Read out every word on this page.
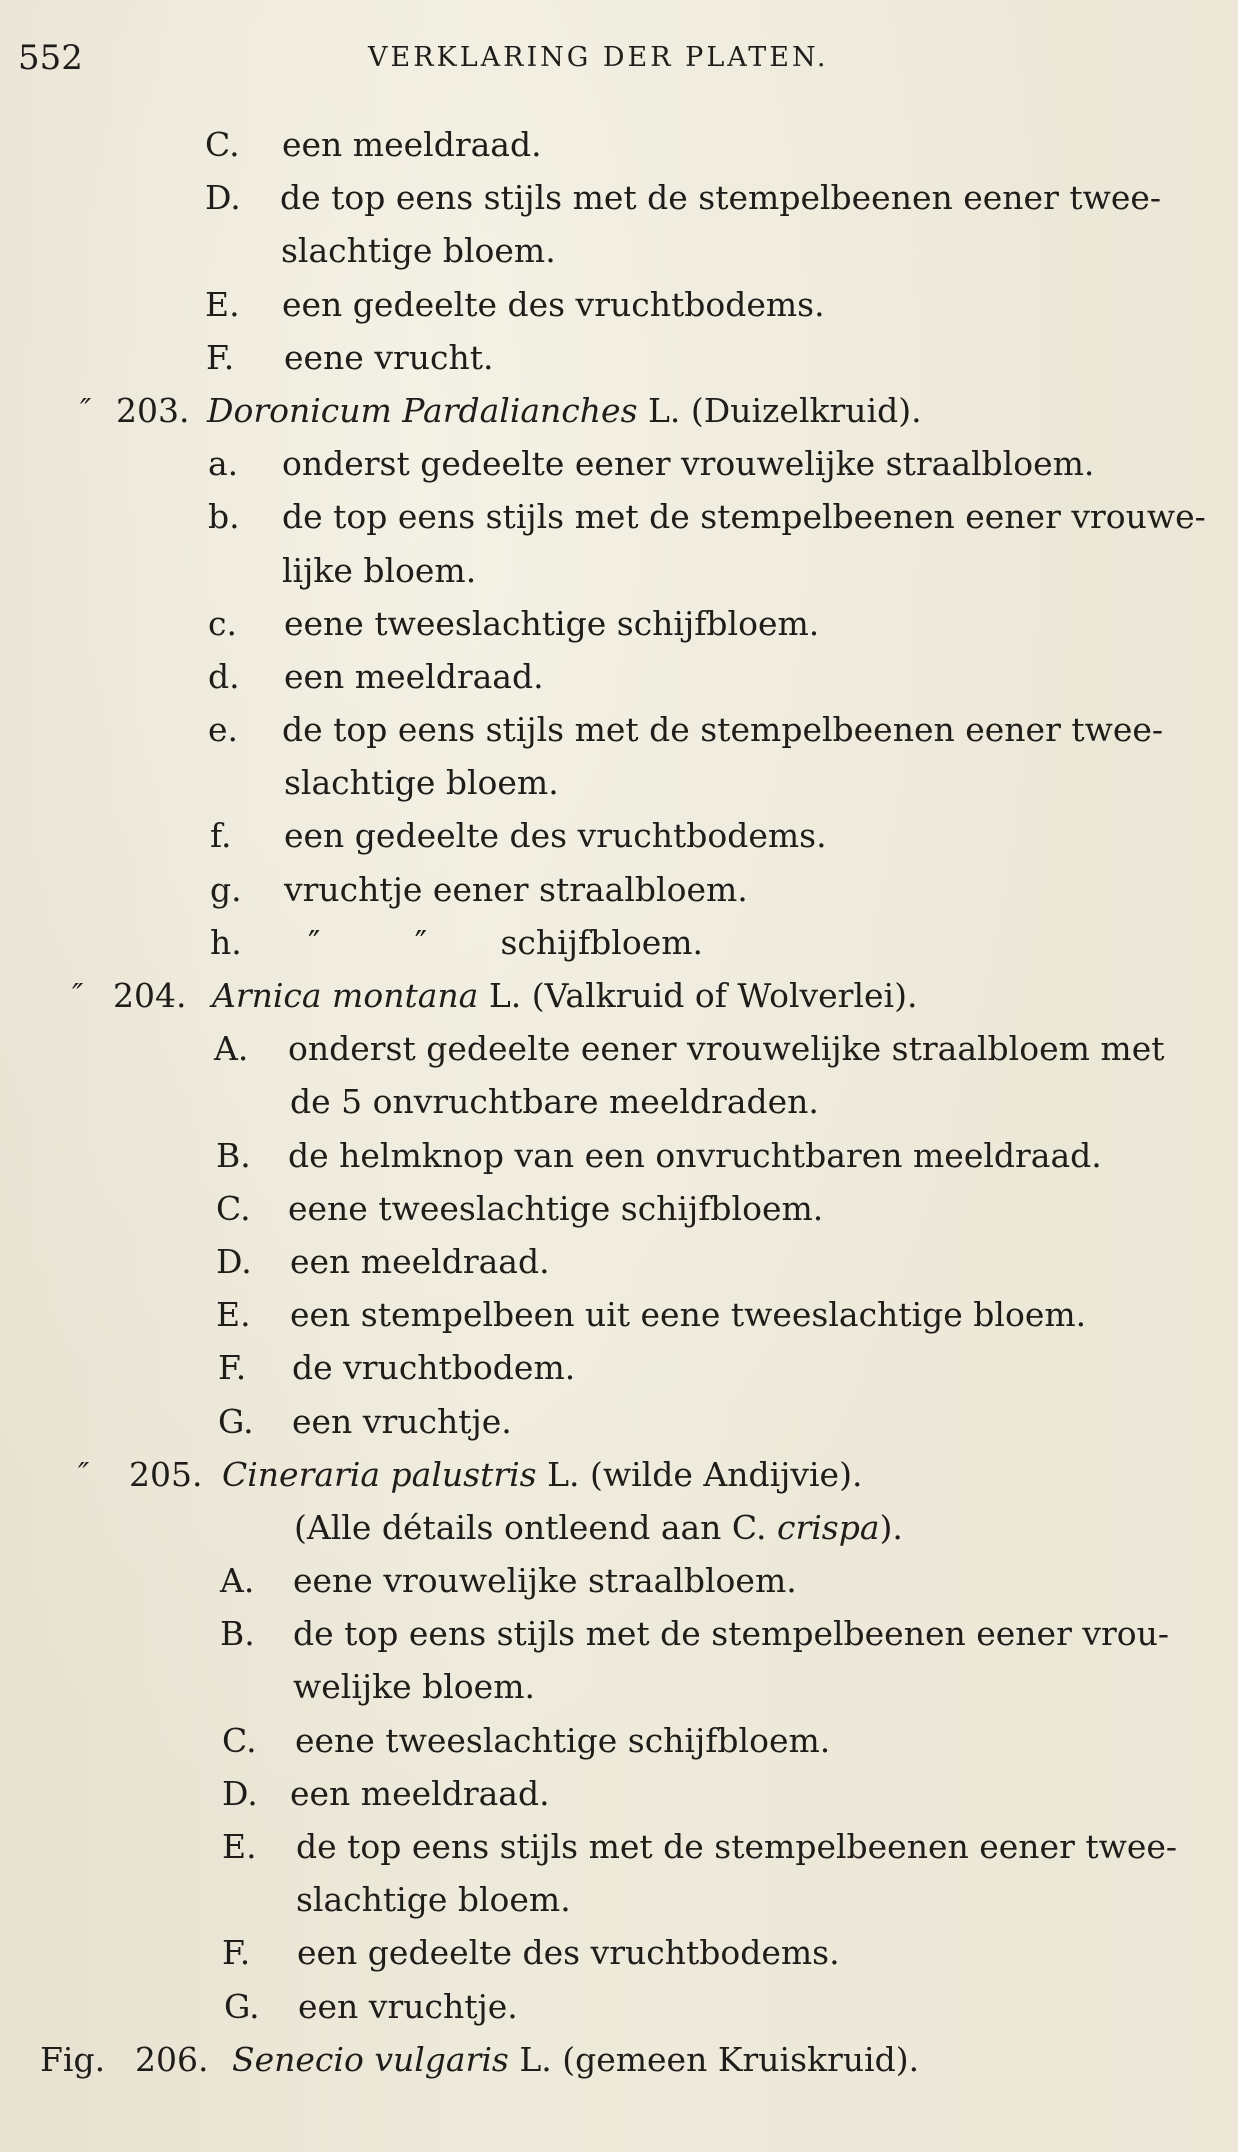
552	VERKLARING DER PLATEN.
C. een meeldraad.
D. de top eens stijls met de stempelbeenen eener twee-
slachtige bloem.
E. een gedeelte des vruchtbodems.
F. eene vrucht.
″ 203. Doronicum Pardalianches L. (Duizelkruid).
a. onderst gedeelte eener vrouwelijke straalbloem.
b. de top eens stijls met de stempelbeenen eener vrouwe-
lijke bloem.
c. eene tweeslachtige schijfbloem.
d. een meeldraad.
e. de top eens stijls met de stempelbeenen eener twee-
slachtige bloem.
f. een gedeelte des vruchtbodems.
g. vruchtje eener straalbloem.
h. ″         ″       schijfbloem.
″ 204. Arnica montana L. (Valkruid of Wolverlei).
A. onderst gedeelte eener vrouwelijke straalbloem met
de 5 onvruchtbare meeldraden.
B. de helmknop van een onvruchtbaren meeldraad.
C. eene tweeslachtige schijfbloem.
D. een meeldraad.
E. een stempelbeen uit eene tweeslachtige bloem.
F. de vruchtbodem.
G. een vruchtje.
″ 205. Cineraria palustris L. (wilde Andijvie).
(Alle détails ontleend aan C. crispa).
A. eene vrouwelijke straalbloem.
B. de top eens stijls met de stempelbeenen eener vrou-
welijke bloem.
C. eene tweeslachtige schijfbloem.
D. een meeldraad.
E. de top eens stijls met de stempelbeenen eener twee-
slachtige bloem.
F. een gedeelte des vruchtbodems.
G. een vruchtje.
Fig. 206. Senecio vulgaris L. (gemeen Kruiskruid).
